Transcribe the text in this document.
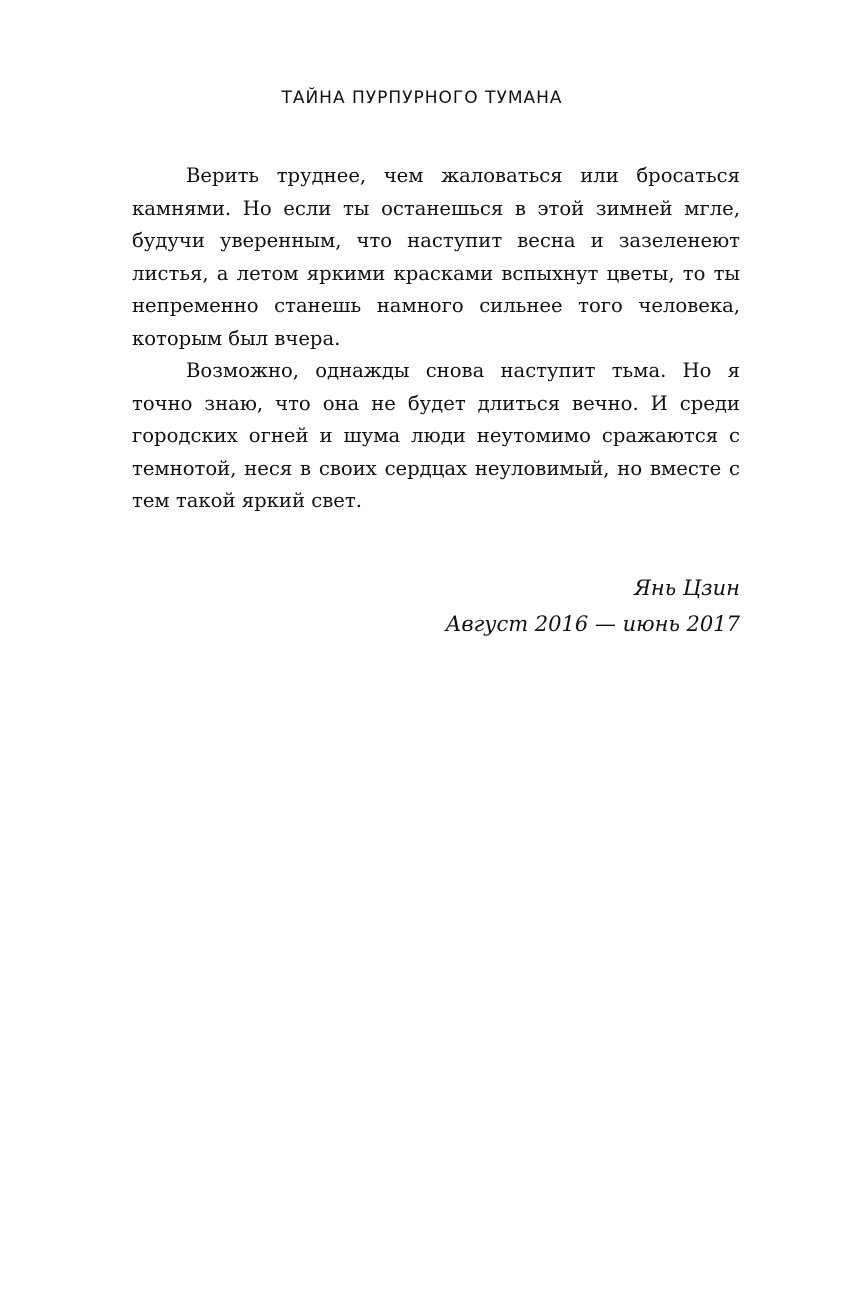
ТАЙНА ПУРПУРНОГО ТУМАНА

Верить труднее, чем жаловаться или бросаться камнями. Но если ты останешься в этой зимней мгле, будучи уверенным, что наступит весна и зазеленеют листья, а летом яркими красками вспыхнут цветы, то ты непременно станешь намного сильнее того человека, которым был вчера.

Возможно, однажды снова наступит тьма. Но я точно знаю, что она не будет длиться вечно. И среди городских огней и шума люди неутомимо сражаются с темнотой, неся в своих сердцах неуловимый, но вместе с тем такой яркий свет.

Янь Цзин
Август 2016 — июнь 2017
